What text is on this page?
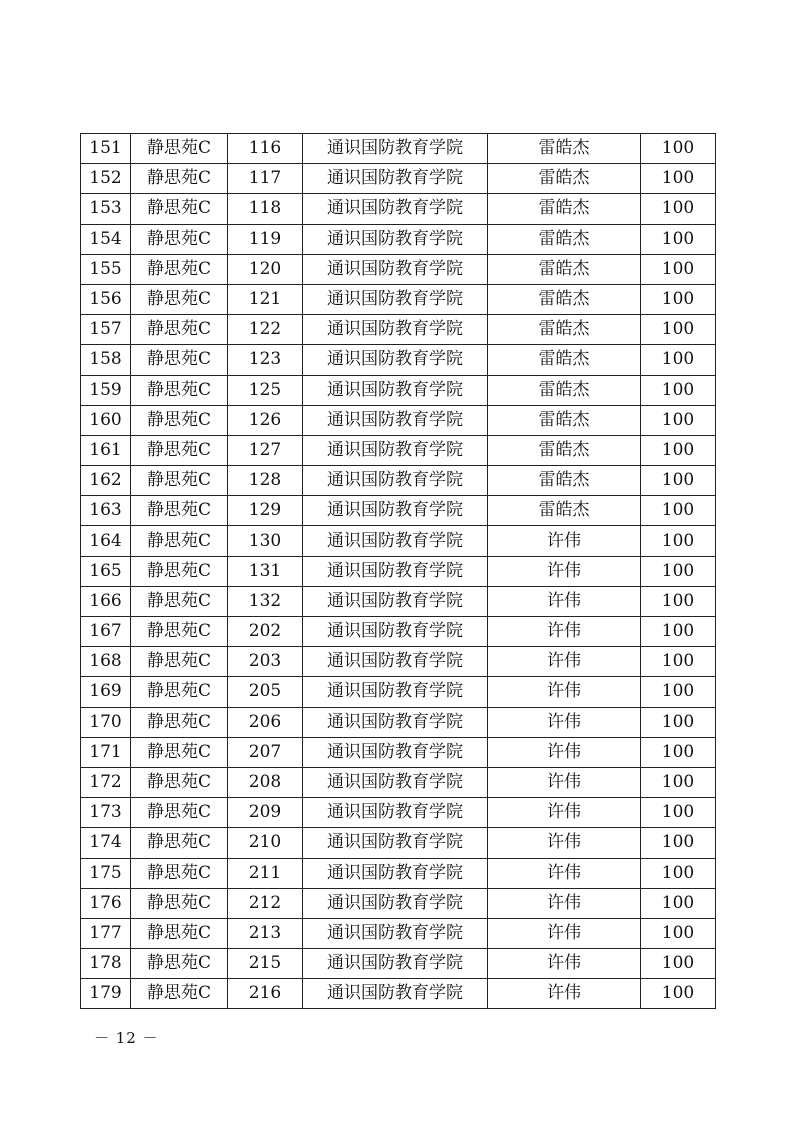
151	静思苑C	116	通识国防教育学院	雷皓杰	100
152	静思苑C	117	通识国防教育学院	雷皓杰	100
153	静思苑C	118	通识国防教育学院	雷皓杰	100
154	静思苑C	119	通识国防教育学院	雷皓杰	100
155	静思苑C	120	通识国防教育学院	雷皓杰	100
156	静思苑C	121	通识国防教育学院	雷皓杰	100
157	静思苑C	122	通识国防教育学院	雷皓杰	100
158	静思苑C	123	通识国防教育学院	雷皓杰	100
159	静思苑C	125	通识国防教育学院	雷皓杰	100
160	静思苑C	126	通识国防教育学院	雷皓杰	100
161	静思苑C	127	通识国防教育学院	雷皓杰	100
162	静思苑C	128	通识国防教育学院	雷皓杰	100
163	静思苑C	129	通识国防教育学院	雷皓杰	100
164	静思苑C	130	通识国防教育学院	许伟	100
165	静思苑C	131	通识国防教育学院	许伟	100
166	静思苑C	132	通识国防教育学院	许伟	100
167	静思苑C	202	通识国防教育学院	许伟	100
168	静思苑C	203	通识国防教育学院	许伟	100
169	静思苑C	205	通识国防教育学院	许伟	100
170	静思苑C	206	通识国防教育学院	许伟	100
171	静思苑C	207	通识国防教育学院	许伟	100
172	静思苑C	208	通识国防教育学院	许伟	100
173	静思苑C	209	通识国防教育学院	许伟	100
174	静思苑C	210	通识国防教育学院	许伟	100
175	静思苑C	211	通识国防教育学院	许伟	100
176	静思苑C	212	通识国防教育学院	许伟	100
177	静思苑C	213	通识国防教育学院	许伟	100
178	静思苑C	215	通识国防教育学院	许伟	100
179	静思苑C	216	通识国防教育学院	许伟	100
－ 12 －
